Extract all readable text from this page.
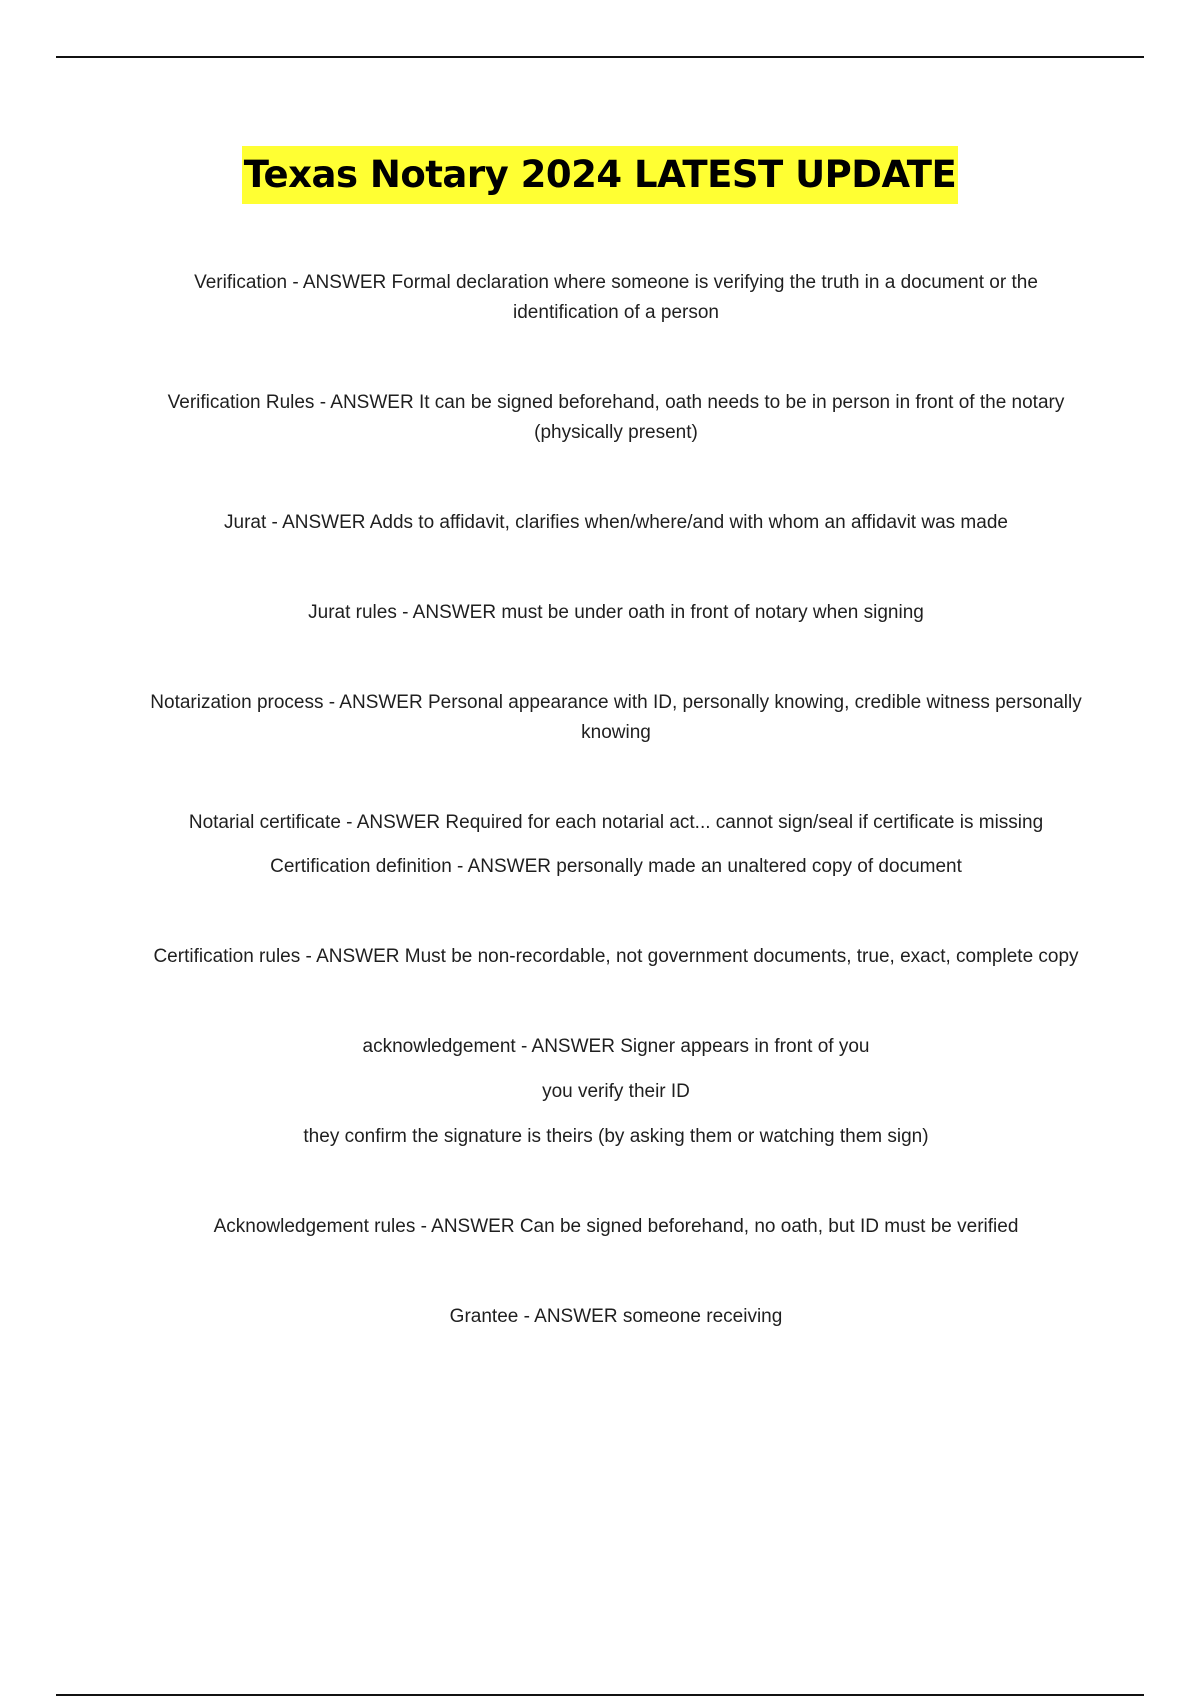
Texas Notary 2024 LATEST UPDATE
Verification - ANSWER Formal declaration where someone is verifying the truth in a document or the identification of a person
Verification Rules - ANSWER It can be signed beforehand, oath needs to be in person in front of the notary (physically present)
Jurat - ANSWER Adds to affidavit, clarifies when/where/and with whom an affidavit was made
Jurat rules - ANSWER must be under oath in front of notary when signing
Notarization process - ANSWER Personal appearance with ID, personally knowing, credible witness personally knowing
Notarial certificate - ANSWER Required for each notarial act... cannot sign/seal if certificate is missing
Certification definition - ANSWER personally made an unaltered copy of document
Certification rules - ANSWER Must be non-recordable, not government documents, true, exact, complete copy
acknowledgement - ANSWER Signer appears in front of you
you verify their ID
they confirm the signature is theirs (by asking them or watching them sign)
Acknowledgement rules - ANSWER Can be signed beforehand, no oath, but ID must be verified
Grantee - ANSWER someone receiving
